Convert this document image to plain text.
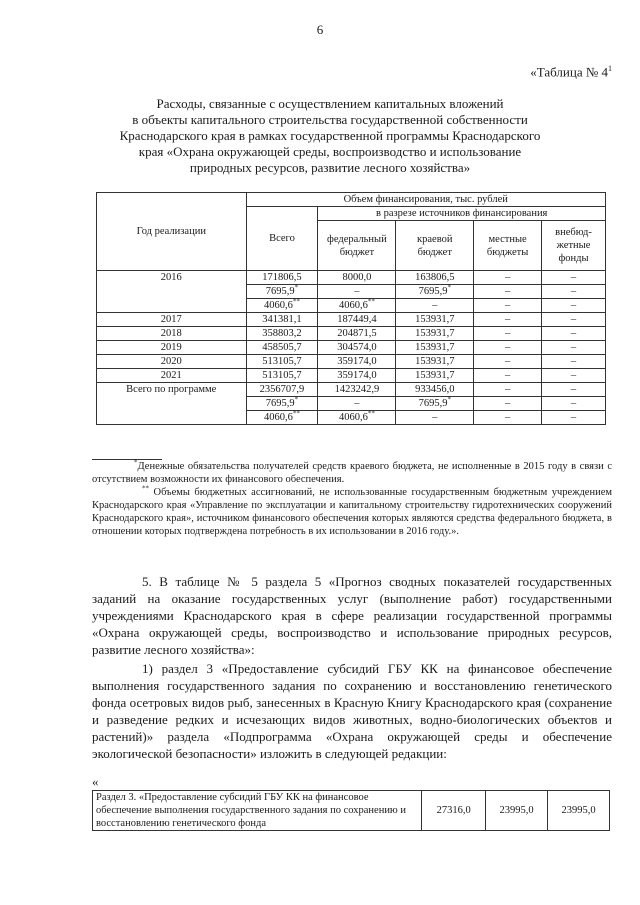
6
«Таблица № $4^1$
Расходы, связанные с осуществлением капитальных вложений
в объекты капитального строительства государственной собственности
Краснодарского края в рамках государственной программы Краснодарского
края «Охрана окружающей среды, воспроизводство и использование
природных ресурсов, развитие лесного хозяйства»
Год реализации	Объем финансирования, тыс. рублей				
	Всего	в разрезе источников финансирования			
		федеральный бюджет	краевой бюджет	местные бюджеты	внебюд-жетные фонды
2016	171806,5	8000,0	163806,5	–	–
	7695,9*	–	7695,9*	–	–
	4060,6**	4060,6**	–	–	–
2017	341381,1	187449,4	153931,7	–	–
2018	358803,2	204871,5	153931,7	–	–
2019	458505,7	304574,0	153931,7	–	–
2020	513105,7	359174,0	153931,7	–	–
2021	513105,7	359174,0	153931,7	–	–
Всего по программе	2356707,9	1423242,9	933456,0	–	–
	7695,9*	–	7695,9*	–	–
	4060,6**	4060,6**	–	–	–

*Денежные обязательства получателей средств краевого бюджета, не исполненные в 2015 году в связи с отсутствием возможности их финансового обеспечения.

** Объемы бюджетных ассигнований, не использованные государственным бюджетным учреждением Краснодарского края «Управление по эксплуатации и капитальному строительству гидротехнических сооружений Краснодарского края», источником финансового обеспечения которых являются средства федерального бюджета, в отношении которых подтверждена потребность в их использовании в 2016 году.».

5. В таблице № 5 раздела 5 «Прогноз сводных показателей государственных заданий на оказание государственных услуг (выполнение работ) государственными учреждениями Краснодарского края в сфере реализации государственной программы «Охрана окружающей среды, воспроизводство и использование природных ресурсов, развитие лесного хозяйства»:

1) раздел 3 «Предоставление субсидий ГБУ КК на финансовое обеспечение выполнения государственного задания по сохранению и восстановлению генетического фонда осетровых видов рыб, занесенных в Красную Книгу Краснодарского края (сохранение и разведение редких и исчезающих видов животных, водно-биологических объектов и растений)» раздела «Подпрограмма «Охрана окружающей среды и обеспечение экологической безопасности» изложить в следующей редакции:

«
Раздел 3. «Предоставление субсидий ГБУ КК на финансовое обеспечение выполнения государственного задания по сохранению и восстановлению генетического фонда	27316,0	23995,0	23995,0
